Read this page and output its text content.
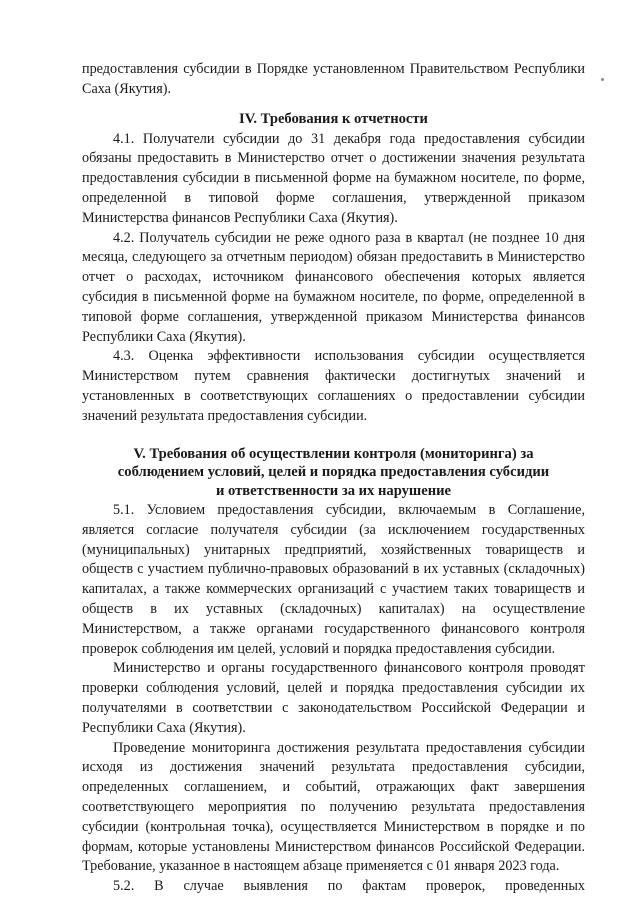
предоставления субсидии в Порядке установленном Правительством Республики Саха (Якутия).

IV. Требования к отчетности

4.1. Получатели субсидии до 31 декабря года предоставления субсидии обязаны предоставить в Министерство отчет о достижении значения результата предоставления субсидии в письменной форме на бумажном носителе, по форме, определенной в типовой форме соглашения, утвержденной приказом Министерства финансов Республики Саха (Якутия).

4.2. Получатель субсидии не реже одного раза в квартал (не позднее 10 дня месяца, следующего за отчетным периодом) обязан предоставить в Министерство отчет о расходах, источником финансового обеспечения которых является субсидия в письменной форме на бумажном носителе, по форме, определенной в типовой форме соглашения, утвержденной приказом Министерства финансов Республики Саха (Якутия).

4.3. Оценка эффективности использования субсидии осуществляется Министерством путем сравнения фактически достигнутых значений и установленных в соответствующих соглашениях о предоставлении субсидии значений результата предоставления субсидии.

V. Требования об осуществлении контроля (мониторинга) за
соблюдением условий, целей и порядка предоставления субсидии
и ответственности за их нарушение

5.1. Условием предоставления субсидии, включаемым в Соглашение, является согласие получателя субсидии (за исключением государственных (муниципальных) унитарных предприятий, хозяйственных товариществ и обществ с участием публично-правовых образований в их уставных (складочных) капиталах, а также коммерческих организаций с участием таких товариществ и обществ в их уставных (складочных) капиталах) на осуществление Министерством, а также органами государственного финансового контроля проверок соблюдения им целей, условий и порядка предоставления субсидии.

Министерство и органы государственного финансового контроля проводят проверки соблюдения условий, целей и порядка предоставления субсидии их получателями в соответствии с законодательством Российской Федерации и Республики Саха (Якутия).

Проведение мониторинга достижения результата предоставления субсидии исходя из достижения значений результата предоставления субсидии, определенных соглашением, и событий, отражающих факт завершения соответствующего мероприятия по получению результата предоставления субсидии (контрольная точка), осуществляется Министерством в порядке и по формам, которые установлены Министерством финансов Российской Федерации. Требование, указанное в настоящем абзаце применяется с 01 января 2023 года.

5.2. В случае выявления по фактам проверок, проведенных
